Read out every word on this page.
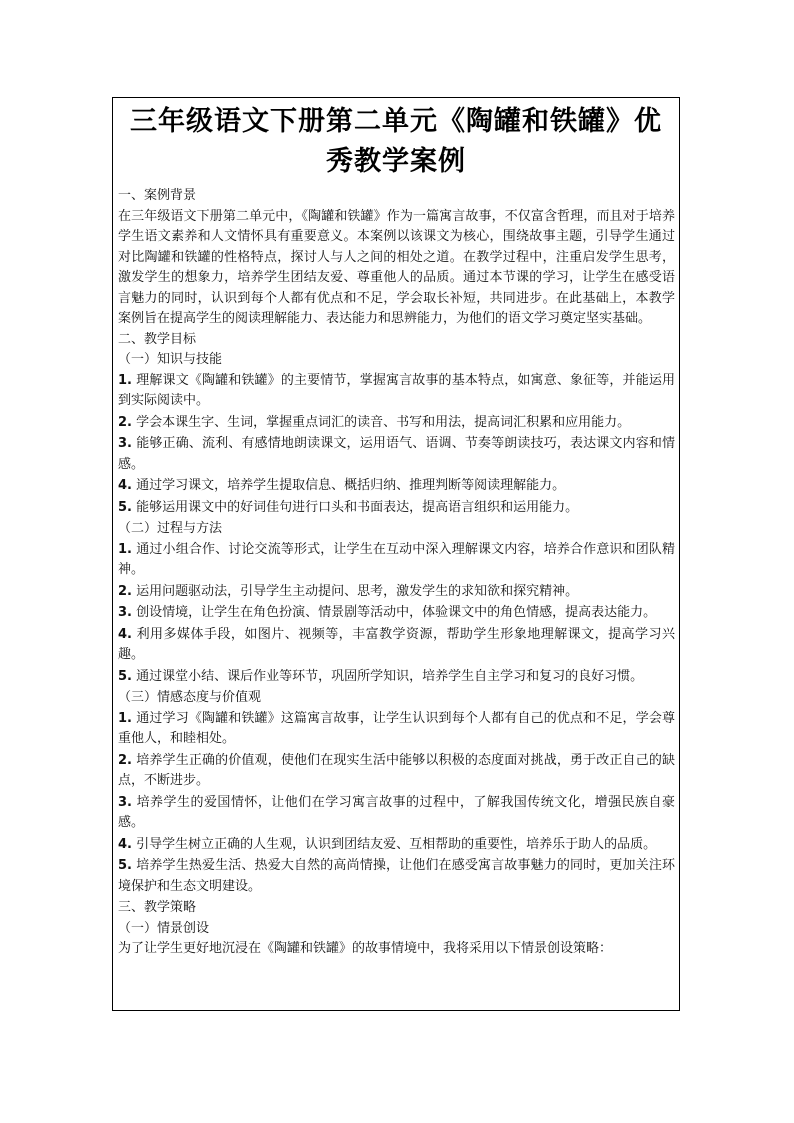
三年级语文下册第二单元《陶罐和铁罐》优秀教学案例

一、案例背景

在三年级语文下册第二单元中，《陶罐和铁罐》作为一篇寓言故事，不仅富含哲理，而且对于培养学生语文素养和人文情怀具有重要意义。本案例以该课文为核心，围绕故事主题，引导学生通过对比陶罐和铁罐的性格特点，探讨人与人之间的相处之道。在教学过程中，注重启发学生思考，激发学生的想象力，培养学生团结友爱、尊重他人的品质。通过本节课的学习，让学生在感受语言魅力的同时，认识到每个人都有优点和不足，学会取长补短，共同进步。在此基础上，本教学案例旨在提高学生的阅读理解能力、表达能力和思辨能力，为他们的语文学习奠定坚实基础。

二、教学目标

（一）知识与技能

1. 理解课文《陶罐和铁罐》的主要情节，掌握寓言故事的基本特点，如寓意、象征等，并能运用到实际阅读中。

2. 学会本课生字、生词，掌握重点词汇的读音、书写和用法，提高词汇积累和应用能力。

3. 能够正确、流利、有感情地朗读课文，运用语气、语调、节奏等朗读技巧，表达课文内容和情感。

4. 通过学习课文，培养学生提取信息、概括归纳、推理判断等阅读理解能力。

5. 能够运用课文中的好词佳句进行口头和书面表达，提高语言组织和运用能力。

（二）过程与方法

1. 通过小组合作、讨论交流等形式，让学生在互动中深入理解课文内容，培养合作意识和团队精神。

2. 运用问题驱动法，引导学生主动提问、思考，激发学生的求知欲和探究精神。

3. 创设情境，让学生在角色扮演、情景剧等活动中，体验课文中的角色情感，提高表达能力。

4. 利用多媒体手段，如图片、视频等，丰富教学资源，帮助学生形象地理解课文，提高学习兴趣。

5. 通过课堂小结、课后作业等环节，巩固所学知识，培养学生自主学习和复习的良好习惯。

（三）情感态度与价值观

1. 通过学习《陶罐和铁罐》这篇寓言故事，让学生认识到每个人都有自己的优点和不足，学会尊重他人，和睦相处。

2. 培养学生正确的价值观，使他们在现实生活中能够以积极的态度面对挑战，勇于改正自己的缺点，不断进步。

3. 培养学生的爱国情怀，让他们在学习寓言故事的过程中，了解我国传统文化，增强民族自豪感。

4. 引导学生树立正确的人生观，认识到团结友爱、互相帮助的重要性，培养乐于助人的品质。

5. 培养学生热爱生活、热爱大自然的高尚情操，让他们在感受寓言故事魅力的同时，更加关注环境保护和生态文明建设。

三、教学策略

（一）情景创设

为了让学生更好地沉浸在《陶罐和铁罐》的故事情境中，我将采用以下情景创设策略：
